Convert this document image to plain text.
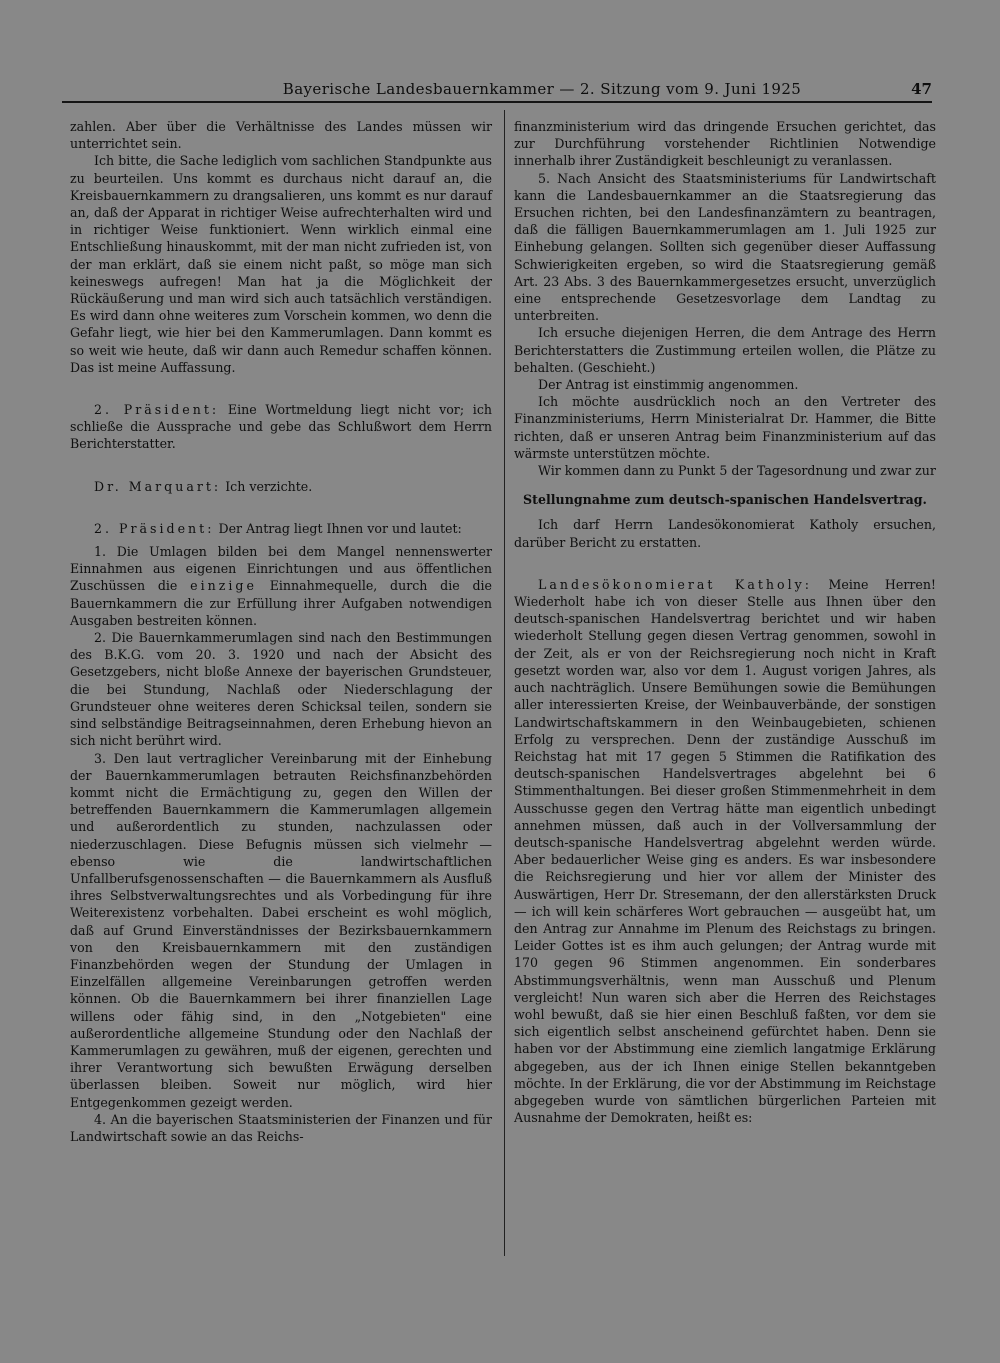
Bayerische Landesbauernkammer — 2. Sitzung vom 9. Juni 1925	47

zahlen. Aber über die Verhältnisse des Landes müssen wir unterrichtet sein.

Ich bitte, die Sache lediglich vom sachlichen Standpunkte aus zu beurteilen. Uns kommt es durchaus nicht darauf an, die Kreisbauernkammern zu drangsalieren, uns kommt es nur darauf an, daß der Apparat in richtiger Weise aufrechterhalten wird und in richtiger Weise funktioniert. Wenn wirklich einmal eine Entschließung hinauskommt, mit der man nicht zufrieden ist, von der man erklärt, daß sie einem nicht paßt, so möge man sich keineswegs aufregen! Man hat ja die Möglichkeit der Rückäußerung und man wird sich auch tatsächlich verständigen. Es wird dann ohne weiteres zum Vorschein kommen, wo denn die Gefahr liegt, wie hier bei den Kammerumlagen. Dann kommt es so weit wie heute, daß wir dann auch Remedur schaffen können. Das ist meine Auffassung.

2. Präsident: Eine Wortmeldung liegt nicht vor; ich schließe die Aussprache und gebe das Schlußwort dem Herrn Berichterstatter.

Dr. Marquart: Ich verzichte.

2. Präsident: Der Antrag liegt Ihnen vor und lautet:

1. Die Umlagen bilden bei dem Mangel nennenswerter Einnahmen aus eigenen Einrichtungen und aus öffentlichen Zuschüssen die einzige Einnahmequelle, durch die die Bauernkammern die zur Erfüllung ihrer Aufgaben notwendigen Ausgaben bestreiten können.

2. Die Bauernkammerumlagen sind nach den Bestimmungen des B.K.G. vom 20. 3. 1920 und nach der Absicht des Gesetzgebers, nicht bloße Annexe der bayerischen Grundsteuer, die bei Stundung, Nachlaß oder Niederschlagung der Grundsteuer ohne weiteres deren Schicksal teilen, sondern sie sind selbständige Beitragseinnahmen, deren Erhebung hievon an sich nicht berührt wird.

3. Den laut vertraglicher Vereinbarung mit der Einhebung der Bauernkammerumlagen betrauten Reichsfinanzbehörden kommt nicht die Ermächtigung zu, gegen den Willen der betreffenden Bauernkammern die Kammerumlagen allgemein und außerordentlich zu stunden, nachzulassen oder niederzuschlagen. Diese Befugnis müssen sich vielmehr — ebenso wie die landwirtschaftlichen Unfallberufsgenossenschaften — die Bauernkammern als Ausfluß ihres Selbstverwaltungsrechtes und als Vorbedingung für ihre Weiterexistenz vorbehalten. Dabei erscheint es wohl möglich, daß auf Grund Einverständnisses der Bezirksbauernkammern von den Kreisbauernkammern mit den zuständigen Finanzbehörden wegen der Stundung der Umlagen in Einzelfällen allgemeine Vereinbarungen getroffen werden können. Ob die Bauernkammern bei ihrer finanziellen Lage willens oder fähig sind, in den „Notgebieten" eine außerordentliche allgemeine Stundung oder den Nachlaß der Kammerumlagen zu gewähren, muß der eigenen, gerechten und ihrer Verantwortung sich bewußten Erwägung derselben überlassen bleiben. Soweit nur möglich, wird hier Entgegenkommen gezeigt werden.

4. An die bayerischen Staatsministerien der Finanzen und für Landwirtschaft sowie an das Reichs-

finanzministerium wird das dringende Ersuchen gerichtet, das zur Durchführung vorstehender Richtlinien Notwendige innerhalb ihrer Zuständigkeit beschleunigt zu veranlassen.

5. Nach Ansicht des Staatsministeriums für Landwirtschaft kann die Landesbauernkammer an die Staatsregierung das Ersuchen richten, bei den Landesfinanzämtern zu beantragen, daß die fälligen Bauernkammerumlagen am 1. Juli 1925 zur Einhebung gelangen. Sollten sich gegenüber dieser Auffassung Schwierigkeiten ergeben, so wird die Staatsregierung gemäß Art. 23 Abs. 3 des Bauernkammergesetzes ersucht, unverzüglich eine entsprechende Gesetzesvorlage dem Landtag zu unterbreiten.

Ich ersuche diejenigen Herren, die dem Antrage des Herrn Berichterstatters die Zustimmung erteilen wollen, die Plätze zu behalten. (Geschieht.)

Der Antrag ist einstimmig angenommen.

Ich möchte ausdrücklich noch an den Vertreter des Finanzministeriums, Herrn Ministerialrat Dr. Hammer, die Bitte richten, daß er unseren Antrag beim Finanzministerium auf das wärmste unterstützen möchte.

Wir kommen dann zu Punkt 5 der Tagesordnung und zwar zur

Stellungnahme zum deutsch-spanischen Handelsvertrag.

Ich darf Herrn Landesökonomierat Katholy ersuchen, darüber Bericht zu erstatten.

Landesökonomierat Katholy: Meine Herren! Wiederholt habe ich von dieser Stelle aus Ihnen über den deutsch-spanischen Handelsvertrag berichtet und wir haben wiederholt Stellung gegen diesen Vertrag genommen, sowohl in der Zeit, als er von der Reichsregierung noch nicht in Kraft gesetzt worden war, also vor dem 1. August vorigen Jahres, als auch nachträglich. Unsere Bemühungen sowie die Bemühungen aller interessierten Kreise, der Weinbauverbände, der sonstigen Landwirtschaftskammern in den Weinbaugebieten, schienen Erfolg zu versprechen. Denn der zuständige Ausschuß im Reichstag hat mit 17 gegen 5 Stimmen die Ratifikation des deutsch-spanischen Handelsvertrages abgelehnt bei 6 Stimmenthaltungen. Bei dieser großen Stimmenmehrheit in dem Ausschusse gegen den Vertrag hätte man eigentlich unbedingt annehmen müssen, daß auch in der Vollversammlung der deutsch-spanische Handelsvertrag abgelehnt werden würde. Aber bedauerlicher Weise ging es anders. Es war insbesondere die Reichsregierung und hier vor allem der Minister des Auswärtigen, Herr Dr. Stresemann, der den allerstärksten Druck — ich will kein schärferes Wort gebrauchen — ausgeübt hat, um den Antrag zur Annahme im Plenum des Reichstags zu bringen. Leider Gottes ist es ihm auch gelungen; der Antrag wurde mit 170 gegen 96 Stimmen angenommen. Ein sonderbares Abstimmungsverhältnis, wenn man Ausschuß und Plenum vergleicht! Nun waren sich aber die Herren des Reichstages wohl bewußt, daß sie hier einen Beschluß faßten, vor dem sie sich eigentlich selbst anscheinend gefürchtet haben. Denn sie haben vor der Abstimmung eine ziemlich langatmige Erklärung abgegeben, aus der ich Ihnen einige Stellen bekanntgeben möchte. In der Erklärung, die vor der Abstimmung im Reichstage abgegeben wurde von sämtlichen bürgerlichen Parteien mit Ausnahme der Demokraten, heißt es:
